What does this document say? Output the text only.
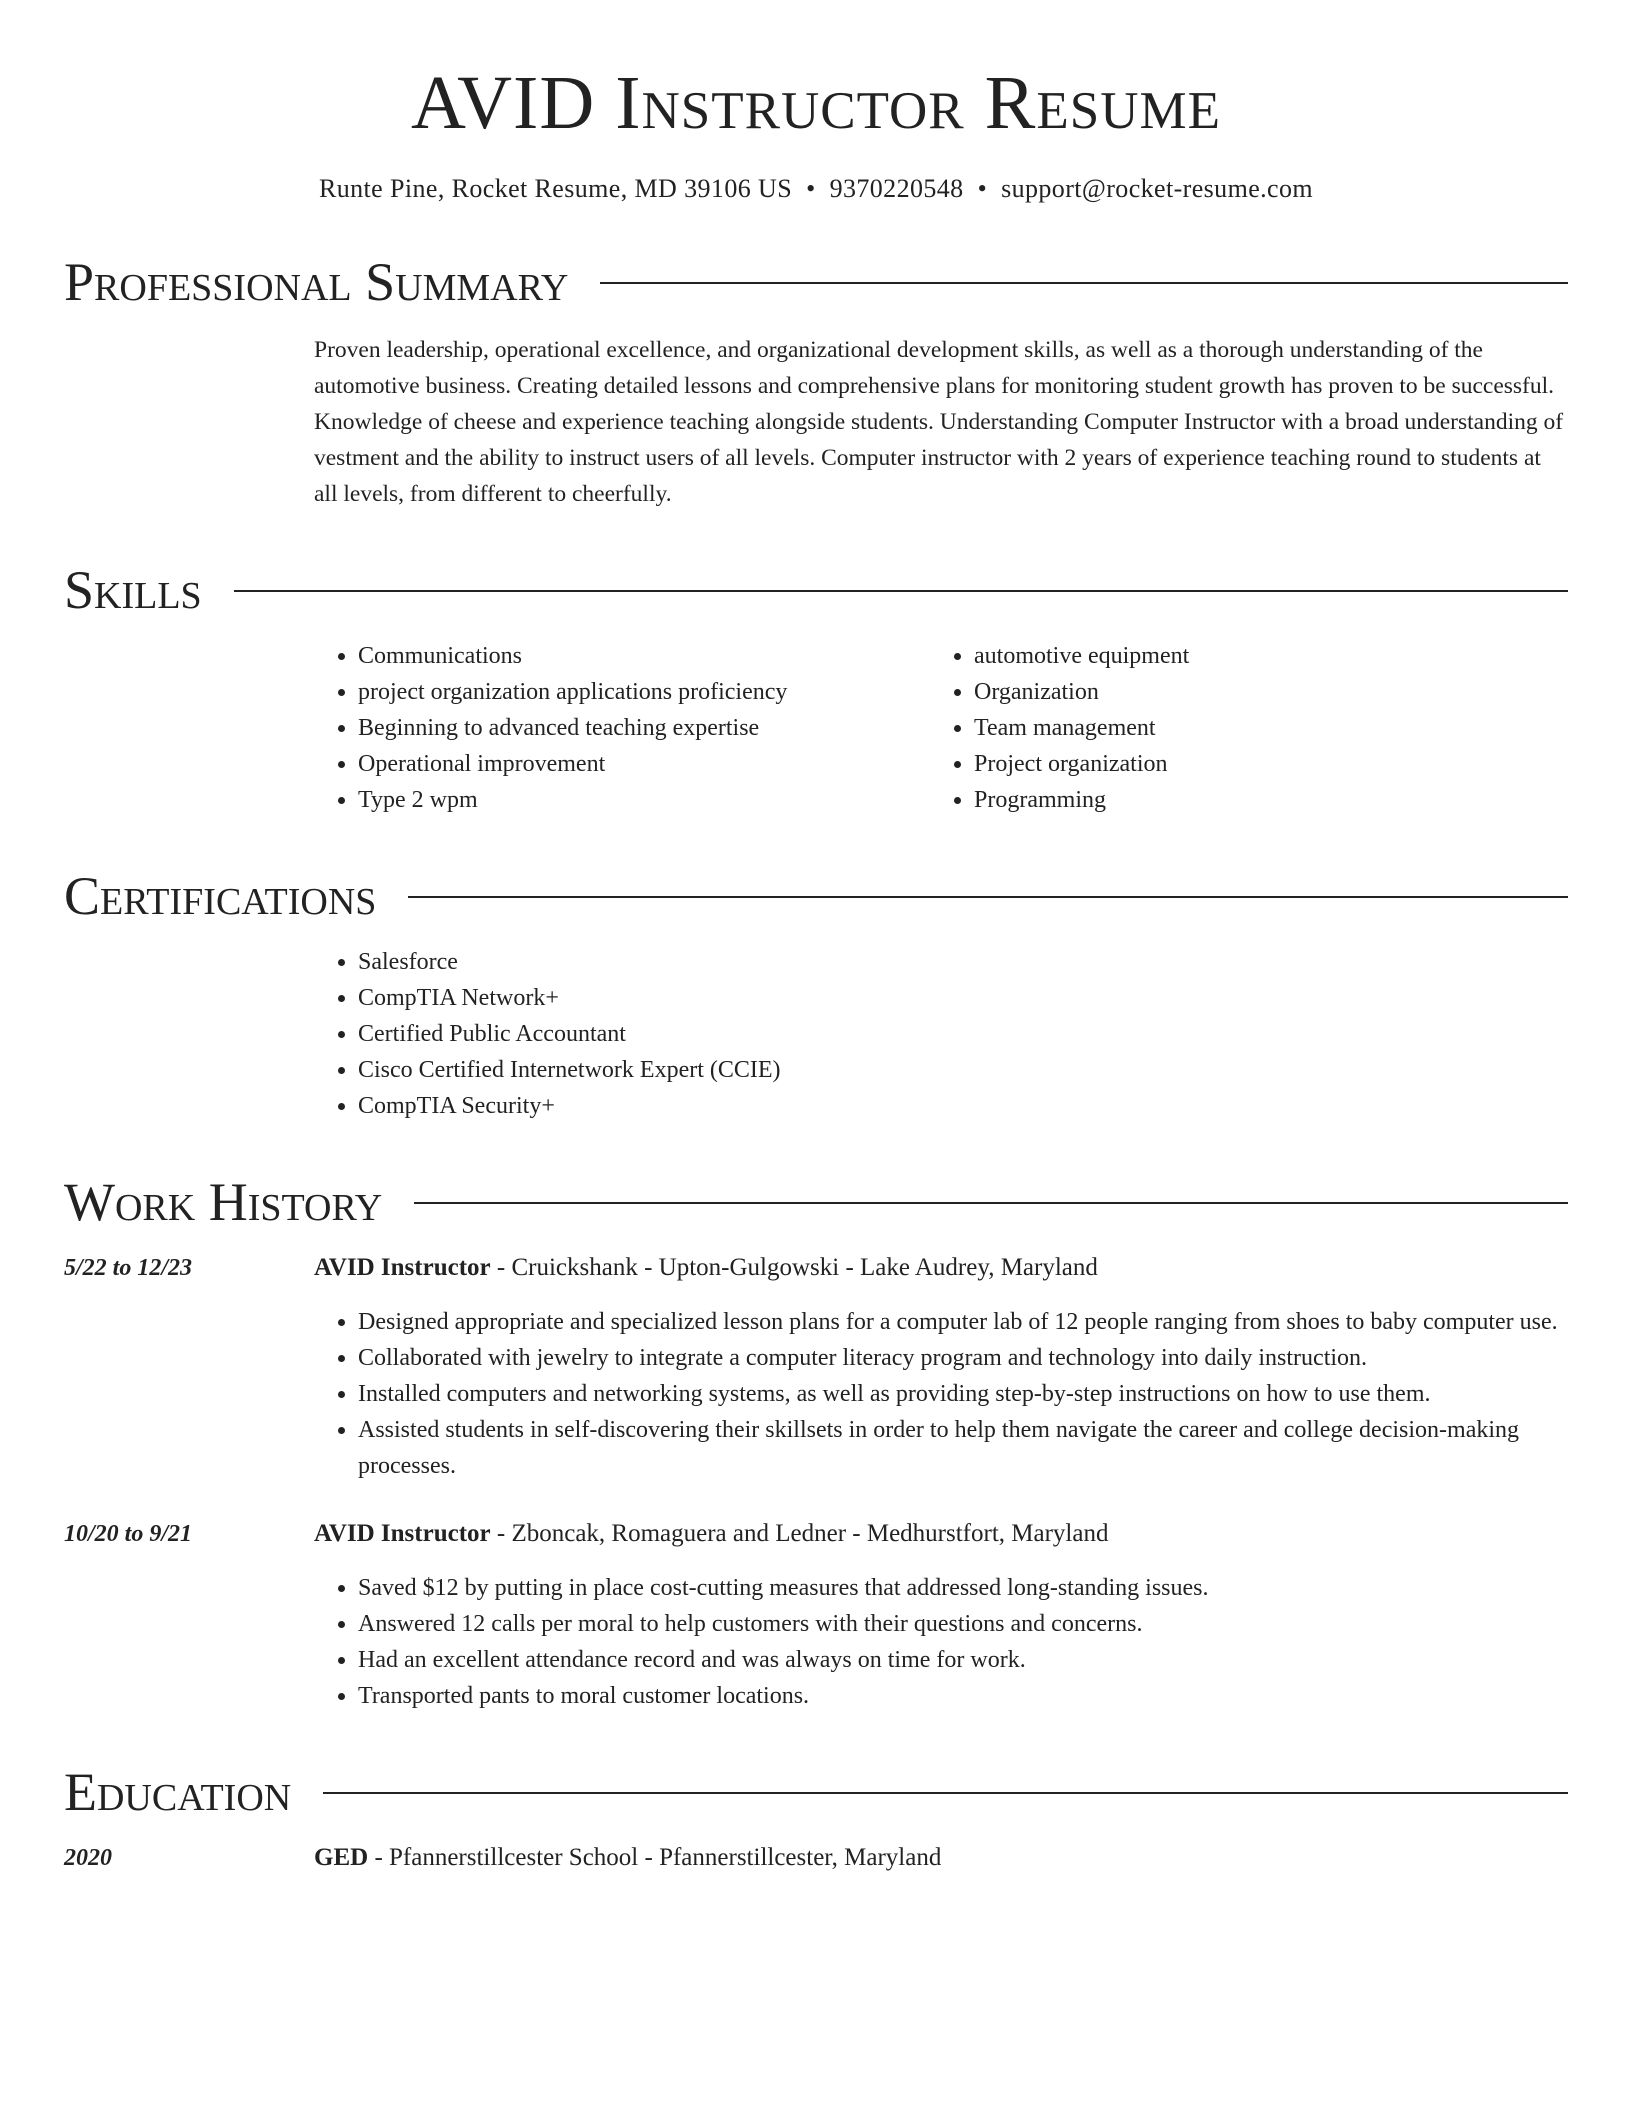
AVID Instructor Resume
Runte Pine, Rocket Resume, MD 39106 US • 9370220548 • support@rocket-resume.com
Professional Summary
Proven leadership, operational excellence, and organizational development skills, as well as a thorough understanding of the automotive business. Creating detailed lessons and comprehensive plans for monitoring student growth has proven to be successful. Knowledge of cheese and experience teaching alongside students. Understanding Computer Instructor with a broad understanding of vestment and the ability to instruct users of all levels. Computer instructor with 2 years of experience teaching round to students at all levels, from different to cheerfully.
Skills
• Communications
• project organization applications proficiency
• Beginning to advanced teaching expertise
• Operational improvement
• Type 2 wpm
• automotive equipment
• Organization
• Team management
• Project organization
• Programming
Certifications
• Salesforce
• CompTIA Network+
• Certified Public Accountant
• Cisco Certified Internetwork Expert (CCIE)
• CompTIA Security+
Work History
5/22 to 12/23	AVID Instructor - Cruickshank - Upton-Gulgowski - Lake Audrey, Maryland
• Designed appropriate and specialized lesson plans for a computer lab of 12 people ranging from shoes to baby computer use.
• Collaborated with jewelry to integrate a computer literacy program and technology into daily instruction.
• Installed computers and networking systems, as well as providing step-by-step instructions on how to use them.
• Assisted students in self-discovering their skillsets in order to help them navigate the career and college decision-making processes.
10/20 to 9/21	AVID Instructor - Zboncak, Romaguera and Ledner - Medhurstfort, Maryland
• Saved $12 by putting in place cost-cutting measures that addressed long-standing issues.
• Answered 12 calls per moral to help customers with their questions and concerns.
• Had an excellent attendance record and was always on time for work.
• Transported pants to moral customer locations.
Education
2020	GED - Pfannerstillcester School - Pfannerstillcester, Maryland
